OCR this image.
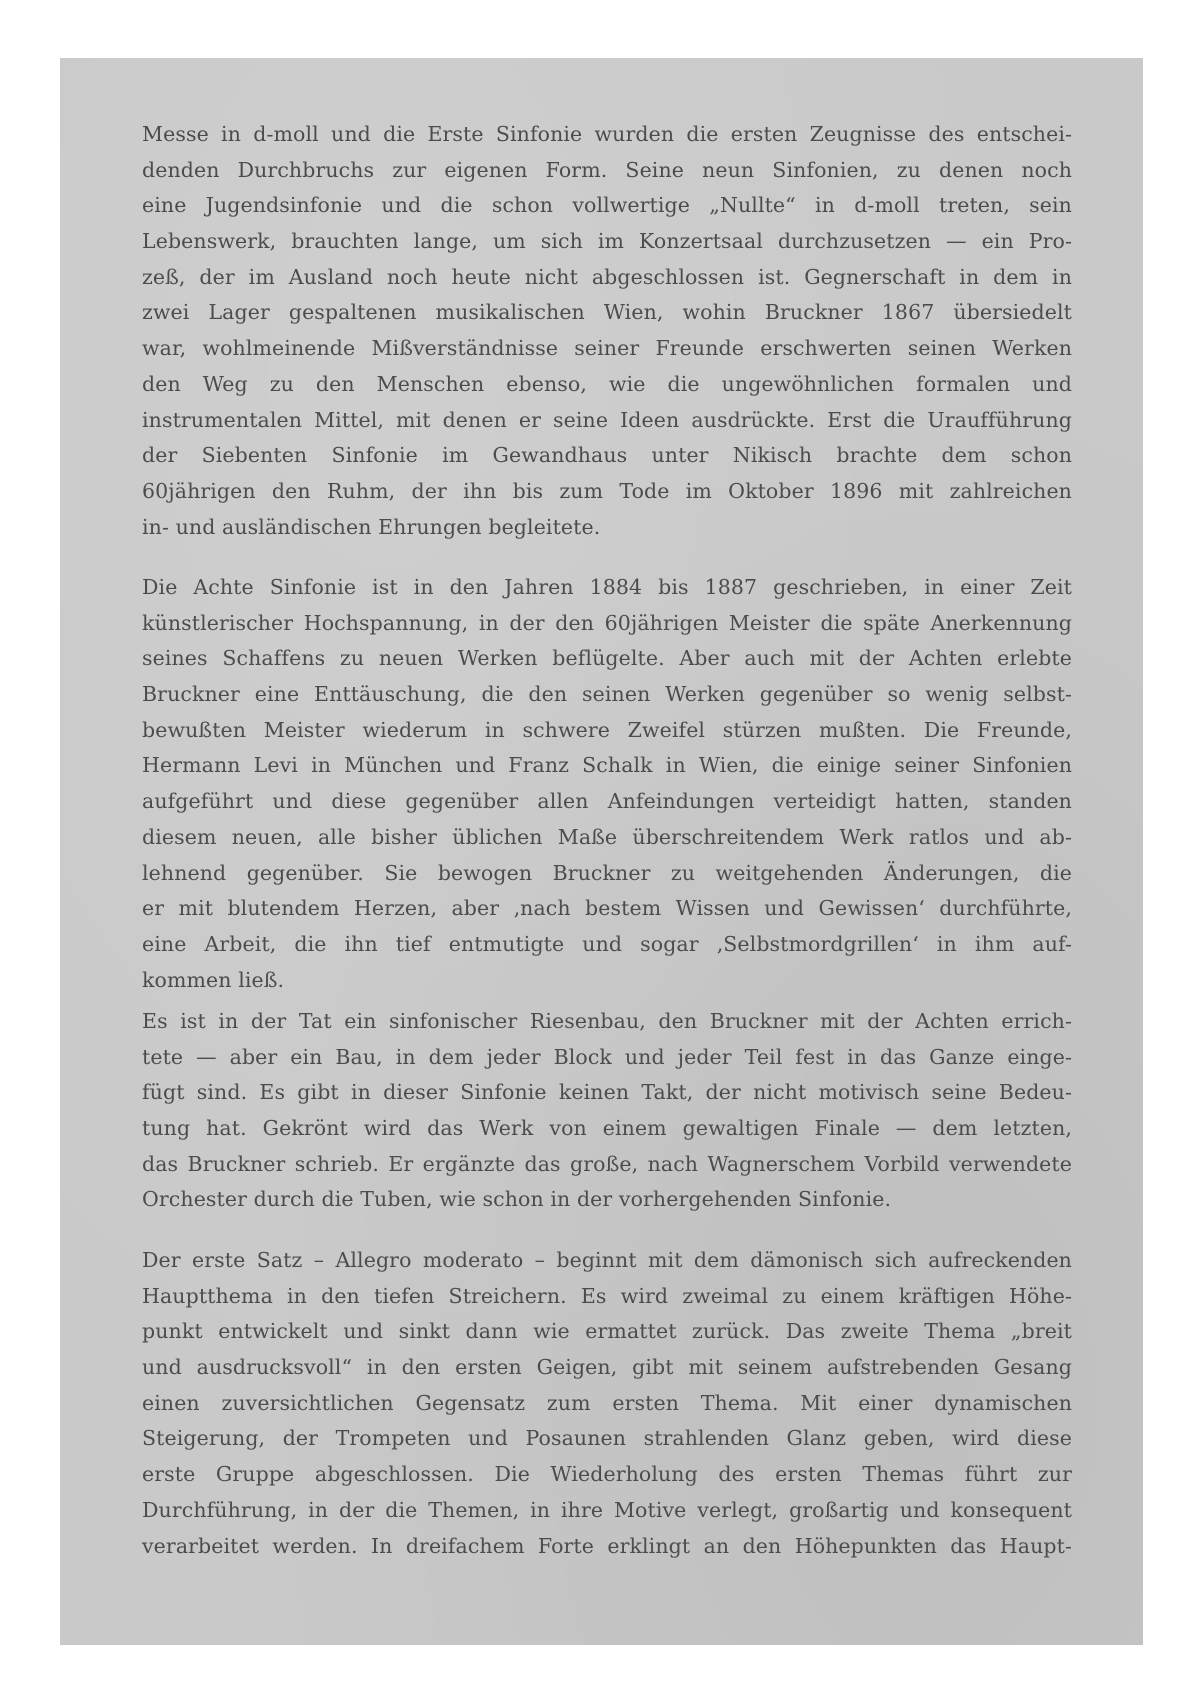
Messe in d-moll und die Erste Sinfonie wurden die ersten Zeugnisse des entschei-
denden Durchbruchs zur eigenen Form. Seine neun Sinfonien, zu denen noch
eine Jugendsinfonie und die schon vollwertige „Nullte“ in d-moll treten, sein
Lebenswerk, brauchten lange, um sich im Konzertsaal durchzusetzen — ein Pro-
zeß, der im Ausland noch heute nicht abgeschlossen ist. Gegnerschaft in dem in
zwei Lager gespaltenen musikalischen Wien, wohin Bruckner 1867 übersiedelt
war, wohlmeinende Mißverständnisse seiner Freunde erschwerten seinen Werken
den Weg zu den Menschen ebenso, wie die ungewöhnlichen formalen und
instrumentalen Mittel, mit denen er seine Ideen ausdrückte. Erst die Uraufführung
der Siebenten Sinfonie im Gewandhaus unter Nikisch brachte dem schon
60jährigen den Ruhm, der ihn bis zum Tode im Oktober 1896 mit zahlreichen
in- und ausländischen Ehrungen begleitete.
Die Achte Sinfonie ist in den Jahren 1884 bis 1887 geschrieben, in einer Zeit
künstlerischer Hochspannung, in der den 60jährigen Meister die späte Anerkennung
seines Schaffens zu neuen Werken beflügelte. Aber auch mit der Achten erlebte
Bruckner eine Enttäuschung, die den seinen Werken gegenüber so wenig selbst-
bewußten Meister wiederum in schwere Zweifel stürzen mußten. Die Freunde,
Hermann Levi in München und Franz Schalk in Wien, die einige seiner Sinfonien
aufgeführt und diese gegenüber allen Anfeindungen verteidigt hatten, standen
diesem neuen, alle bisher üblichen Maße überschreitendem Werk ratlos und ab-
lehnend gegenüber. Sie bewogen Bruckner zu weitgehenden Änderungen, die
er mit blutendem Herzen, aber ‚nach bestem Wissen und Gewissen‘ durchführte,
eine Arbeit, die ihn tief entmutigte und sogar ‚Selbstmordgrillen‘ in ihm auf-
kommen ließ.
Es ist in der Tat ein sinfonischer Riesenbau, den Bruckner mit der Achten errich-
tete — aber ein Bau, in dem jeder Block und jeder Teil fest in das Ganze einge-
fügt sind. Es gibt in dieser Sinfonie keinen Takt, der nicht motivisch seine Bedeu-
tung hat. Gekrönt wird das Werk von einem gewaltigen Finale — dem letzten,
das Bruckner schrieb. Er ergänzte das große, nach Wagnerschem Vorbild verwendete
Orchester durch die Tuben, wie schon in der vorhergehenden Sinfonie.
Der erste Satz – Allegro moderato – beginnt mit dem dämonisch sich aufreckenden
Hauptthema in den tiefen Streichern. Es wird zweimal zu einem kräftigen Höhe-
punkt entwickelt und sinkt dann wie ermattet zurück. Das zweite Thema „breit
und ausdrucksvoll“ in den ersten Geigen, gibt mit seinem aufstrebenden Gesang
einen zuversichtlichen Gegensatz zum ersten Thema. Mit einer dynamischen
Steigerung, der Trompeten und Posaunen strahlenden Glanz geben, wird diese
erste Gruppe abgeschlossen. Die Wiederholung des ersten Themas führt zur
Durchführung, in der die Themen, in ihre Motive verlegt, großartig und konsequent
verarbeitet werden. In dreifachem Forte erklingt an den Höhepunkten das Haupt-
